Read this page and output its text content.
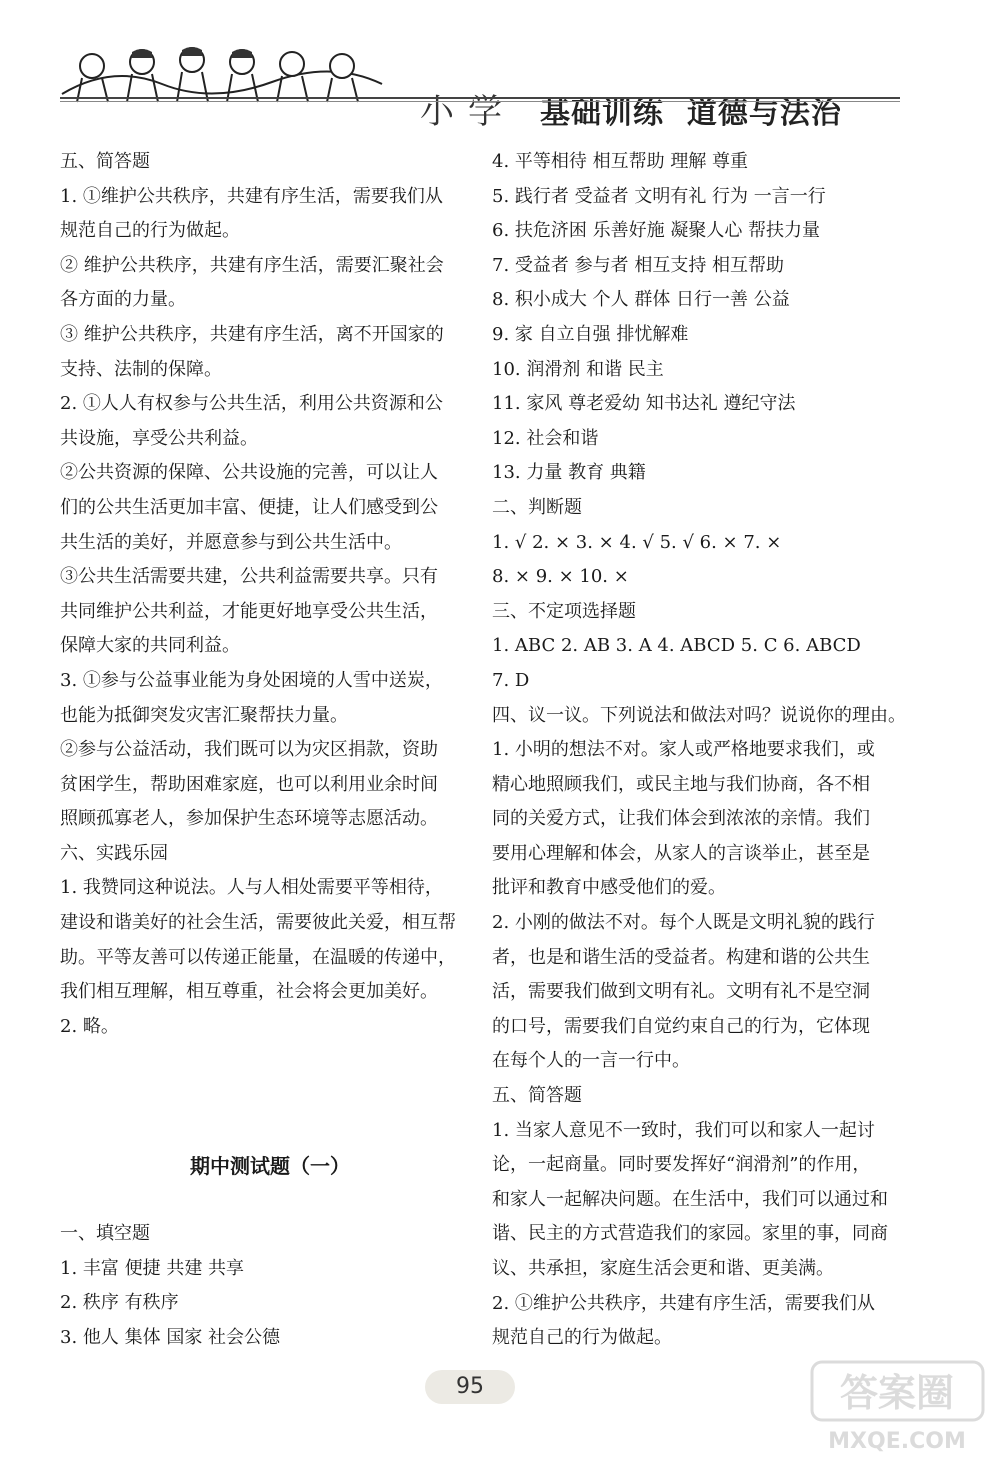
小学 基础训练  道德与法治
五、简答题
1. ①维护公共秩序，共建有序生活，需要我们从
规范自己的行为做起。
② 维护公共秩序，共建有序生活，需要汇聚社会
各方面的力量。
③ 维护公共秩序，共建有序生活，离不开国家的
支持、法制的保障。
2. ①人人有权参与公共生活，利用公共资源和公
共设施，享受公共利益。
②公共资源的保障、公共设施的完善，可以让人
们的公共生活更加丰富、便捷，让人们感受到公
共生活的美好，并愿意参与到公共生活中。
③公共生活需要共建，公共利益需要共享。只有
共同维护公共利益，才能更好地享受公共生活，
保障大家的共同利益。
3. ①参与公益事业能为身处困境的人雪中送炭，
也能为抵御突发灾害汇聚帮扶力量。
②参与公益活动，我们既可以为灾区捐款，资助
贫困学生，帮助困难家庭，也可以利用业余时间
照顾孤寡老人，参加保护生态环境等志愿活动。
六、实践乐园
1. 我赞同这种说法。人与人相处需要平等相待，
建设和谐美好的社会生活，需要彼此关爱，相互帮
助。平等友善可以传递正能量，在温暖的传递中，
我们相互理解，相互尊重，社会将会更加美好。
2. 略。
期中测试题（一）
一、填空题
1. 丰富 便捷 共建 共享
2. 秩序 有秩序
3. 他人 集体 国家 社会公德
4. 平等相待 相互帮助 理解 尊重
5. 践行者 受益者 文明有礼 行为 一言一行
6. 扶危济困 乐善好施 凝聚人心 帮扶力量
7. 受益者 参与者 相互支持 相互帮助
8. 积小成大 个人 群体 日行一善 公益
9. 家 自立自强 排忧解难
10. 润滑剂 和谐 民主
11. 家风 尊老爱幼 知书达礼 遵纪守法
12. 社会和谐
13. 力量 教育 典籍
二、判断题
1. √ 2. × 3. × 4. √ 5. √ 6. × 7. ×
8. × 9. × 10. ×
三、不定项选择题
1. ABC 2. AB 3. A 4. ABCD 5. C 6. ABCD
7. D
四、议一议。下列说法和做法对吗？说说你的理由。
1. 小明的想法不对。家人或严格地要求我们，或
精心地照顾我们，或民主地与我们协商，各不相
同的关爱方式，让我们体会到浓浓的亲情。我们
要用心理解和体会，从家人的言谈举止，甚至是
批评和教育中感受他们的爱。
2. 小刚的做法不对。每个人既是文明礼貌的践行
者，也是和谐生活的受益者。构建和谐的公共生
活，需要我们做到文明有礼。文明有礼不是空洞
的口号，需要我们自觉约束自己的行为，它体现
在每个人的一言一行中。
五、简答题
1. 当家人意见不一致时，我们可以和家人一起讨
论，一起商量。同时要发挥好“润滑剂”的作用，
和家人一起解决问题。在生活中，我们可以通过和
谐、民主的方式营造我们的家园。家里的事，同商
议、共承担，家庭生活会更和谐、更美满。
2. ①维护公共秩序，共建有序生活，需要我们从
规范自己的行为做起。
95	答案圈
MXQE.COM
